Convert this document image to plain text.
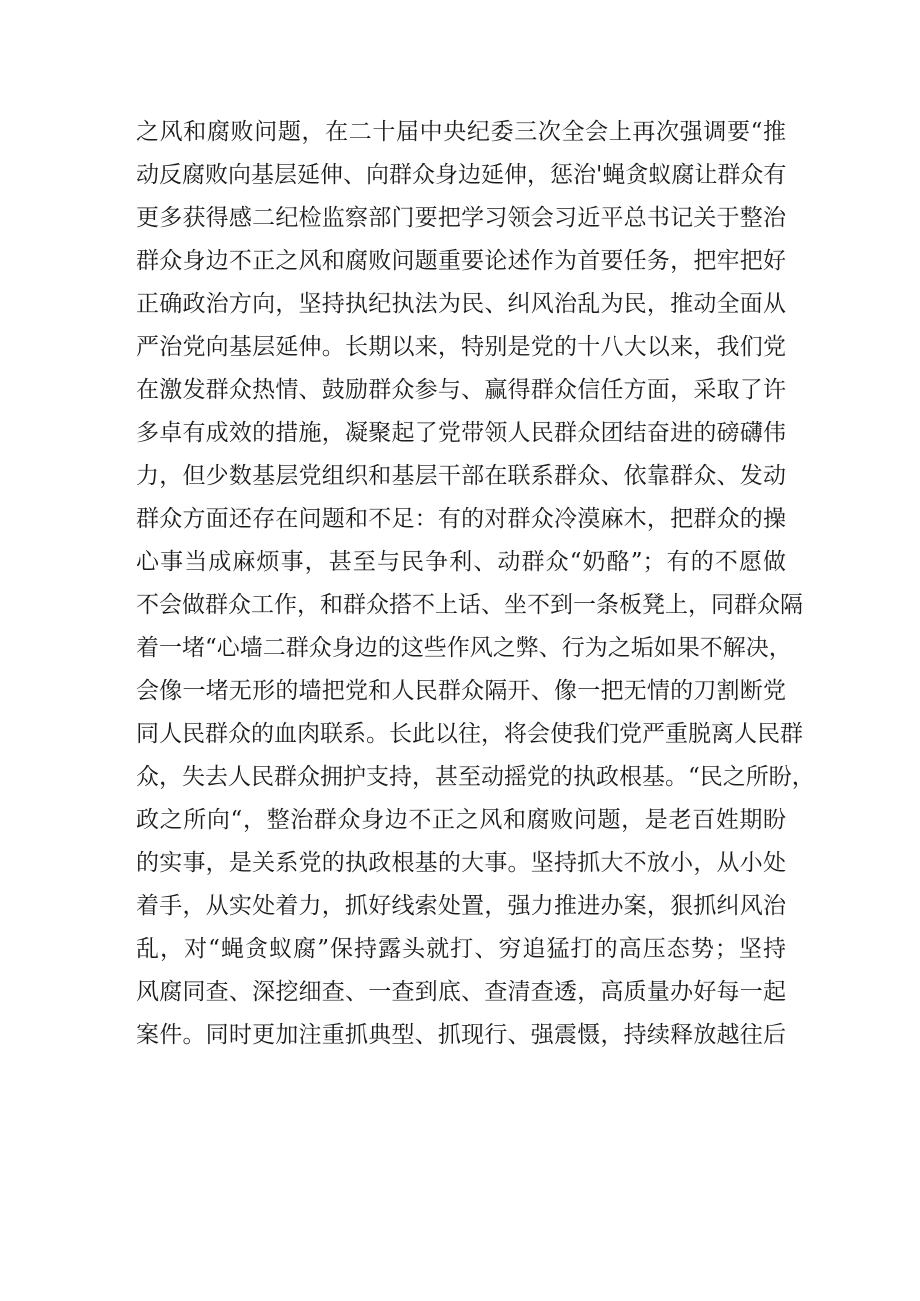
之风和腐败问题，在二十届中央纪委三次全会上再次强调要“推
动反腐败向基层延伸、向群众身边延伸，惩治'蝇贪蚁腐让群众有
更多获得感二纪检监察部门要把学习领会习近平总书记关于整治
群众身边不正之风和腐败问题重要论述作为首要任务，把牢把好
正确政治方向，坚持执纪执法为民、纠风治乱为民，推动全面从
严治党向基层延伸。长期以来，特别是党的十八大以来，我们党
在激发群众热情、鼓励群众参与、赢得群众信任方面，采取了许
多卓有成效的措施，凝聚起了党带领人民群众团结奋进的磅礴伟
力，但少数基层党组织和基层干部在联系群众、依靠群众、发动
群众方面还存在问题和不足：有的对群众冷漠麻木，把群众的操
心事当成麻烦事，甚至与民争利、动群众“奶酪”；有的不愿做
不会做群众工作，和群众搭不上话、坐不到一条板凳上，同群众隔
着一堵“心墙二群众身边的这些作风之弊、行为之垢如果不解决，
会像一堵无形的墙把党和人民群众隔开、像一把无情的刀割断党
同人民群众的血肉联系。长此以往，将会使我们党严重脱离人民群
众，失去人民群众拥护支持，甚至动摇党的执政根基。“民之所盼，
政之所向“，整治群众身边不正之风和腐败问题，是老百姓期盼
的实事，是关系党的执政根基的大事。坚持抓大不放小，从小处
着手，从实处着力，抓好线索处置，强力推进办案，狠抓纠风治
乱，对“蝇贪蚁腐”保持露头就打、穷追猛打的高压态势；坚持
风腐同查、深挖细查、一查到底、查清查透，高质量办好每一起
案件。同时更加注重抓典型、抓现行、强震慑，持续释放越往后
